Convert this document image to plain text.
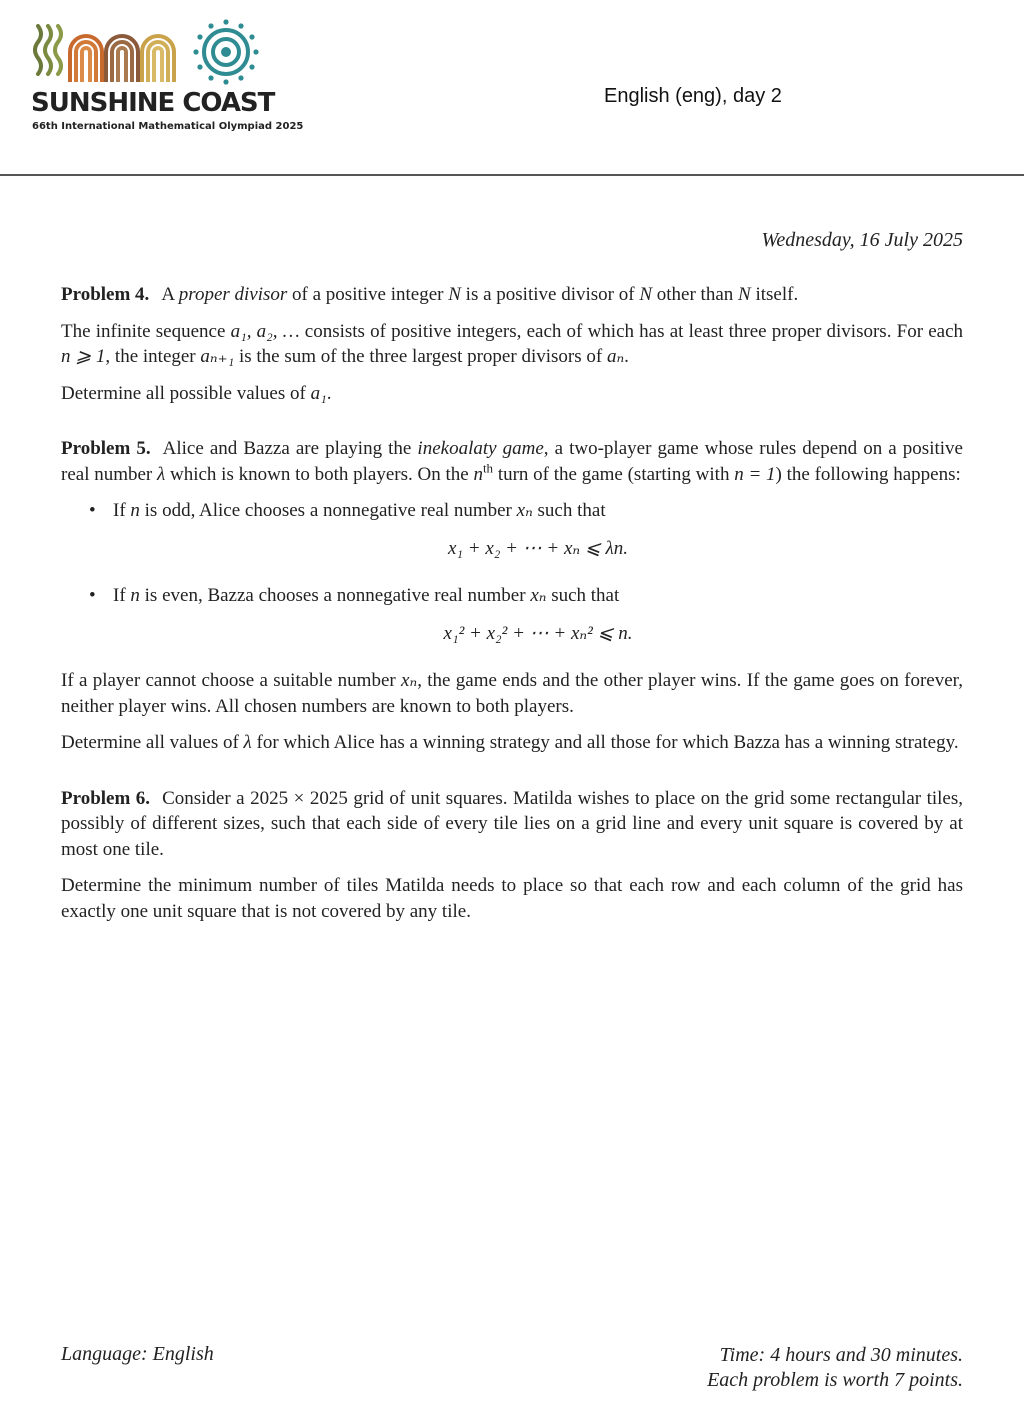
SUNSHINE COAST
66th International Mathematical Olympiad 2025
English (eng), day 2
Wednesday, 16 July 2025

Problem 4. A proper divisor of a positive integer N is a positive divisor of N other than N itself.

The infinite sequence a₁, a₂, … consists of positive integers, each of which has at least three proper divisors. For each n ⩾ 1, the integer aₙ₊₁ is the sum of the three largest proper divisors of aₙ.

Determine all possible values of a₁.

Problem 5. Alice and Bazza are playing the inekoalaty game, a two-player game whose rules depend on a positive real number λ which is known to both players. On the $n^{th}$ turn of the game (starting with n = 1) the following happens:

• If n is odd, Alice chooses a nonnegative real number xₙ such that
x₁ + x₂ + ⋯ + xₙ ⩽ λn.
• If n is even, Bazza chooses a nonnegative real number xₙ such that
x₁² + x₂² + ⋯ + xₙ² ⩽ n.

If a player cannot choose a suitable number xₙ, the game ends and the other player wins. If the game goes on forever, neither player wins. All chosen numbers are known to both players.

Determine all values of λ for which Alice has a winning strategy and all those for which Bazza has a winning strategy.

Problem 6. Consider a 2025 × 2025 grid of unit squares. Matilda wishes to place on the grid some rectangular tiles, possibly of different sizes, such that each side of every tile lies on a grid line and every unit square is covered by at most one tile.

Determine the minimum number of tiles Matilda needs to place so that each row and each column of the grid has exactly one unit square that is not covered by any tile.

Language: English	Time: 4 hours and 30 minutes.
Each problem is worth 7 points.
